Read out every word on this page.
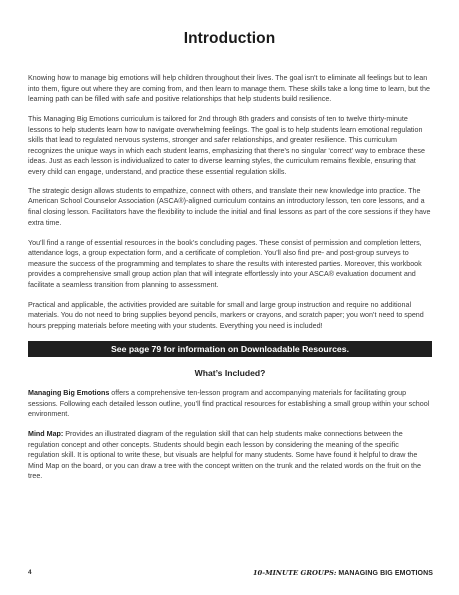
Introduction

Knowing how to manage big emotions will help children throughout their lives. The goal isn’t to eliminate all feelings but to lean into them, figure out where they are coming from, and then learn to manage them. These skills take a long time to learn, but the learning path can be filled with safe and positive relationships that help students build resilience.

This Managing Big Emotions curriculum is tailored for 2nd through 8th graders and consists of ten to twelve thirty-minute lessons to help students learn how to navigate overwhelming feelings. The goal is to help students learn emotional regulation skills that lead to regulated nervous systems, stronger and safer relationships, and greater resilience. This curriculum recognizes the unique ways in which each student learns, emphasizing that there’s no singular ‘correct’ way to embrace these ideas. Just as each lesson is individualized to cater to diverse learning styles, the curriculum remains flexible, ensuring that every child can engage, understand, and practice these essential regulation skills.

The strategic design allows students to empathize, connect with others, and translate their new knowledge into practice. The American School Counselor Association (ASCA®)-aligned curriculum contains an introductory lesson, ten core lessons, and a final closing lesson. Facilitators have the flexibility to include the initial and final lessons as part of the core sessions if they have extra time.

You’ll find a range of essential resources in the book’s concluding pages. These consist of permission and completion letters, attendance logs, a group expectation form, and a certificate of completion. You’ll also find pre- and post-group surveys to measure the success of the programming and templates to share the results with interested parties. Moreover, this workbook provides a comprehensive small group action plan that will integrate effortlessly into your ASCA® evaluation document and facilitate a seamless transition from planning to assessment.

Practical and applicable, the activities provided are suitable for small and large group instruction and require no additional materials. You do not need to bring supplies beyond pencils, markers or crayons, and scratch paper; you won’t need to spend hours prepping materials before meeting with your students. Everything you need is included!

See page 79 for information on Downloadable Resources.
What’s Included?

Managing Big Emotions offers a comprehensive ten-lesson program and accompanying materials for facilitating group sessions. Following each detailed lesson outline, you’ll find practical resources for establishing a small group within your school environment.

Mind Map: Provides an illustrated diagram of the regulation skill that can help students make connections between the regulation concept and other concepts. Students should begin each lesson by considering the meaning of the specific regulation skill. It is optional to write these, but visuals are helpful for many students. Some have found it helpful to draw the Mind Map on the board, or you can draw a tree with the concept written on the trunk and the related words on the fruit on the tree.

4	10-MINUTE GROUPS: MANAGING BIG EMOTIONS
